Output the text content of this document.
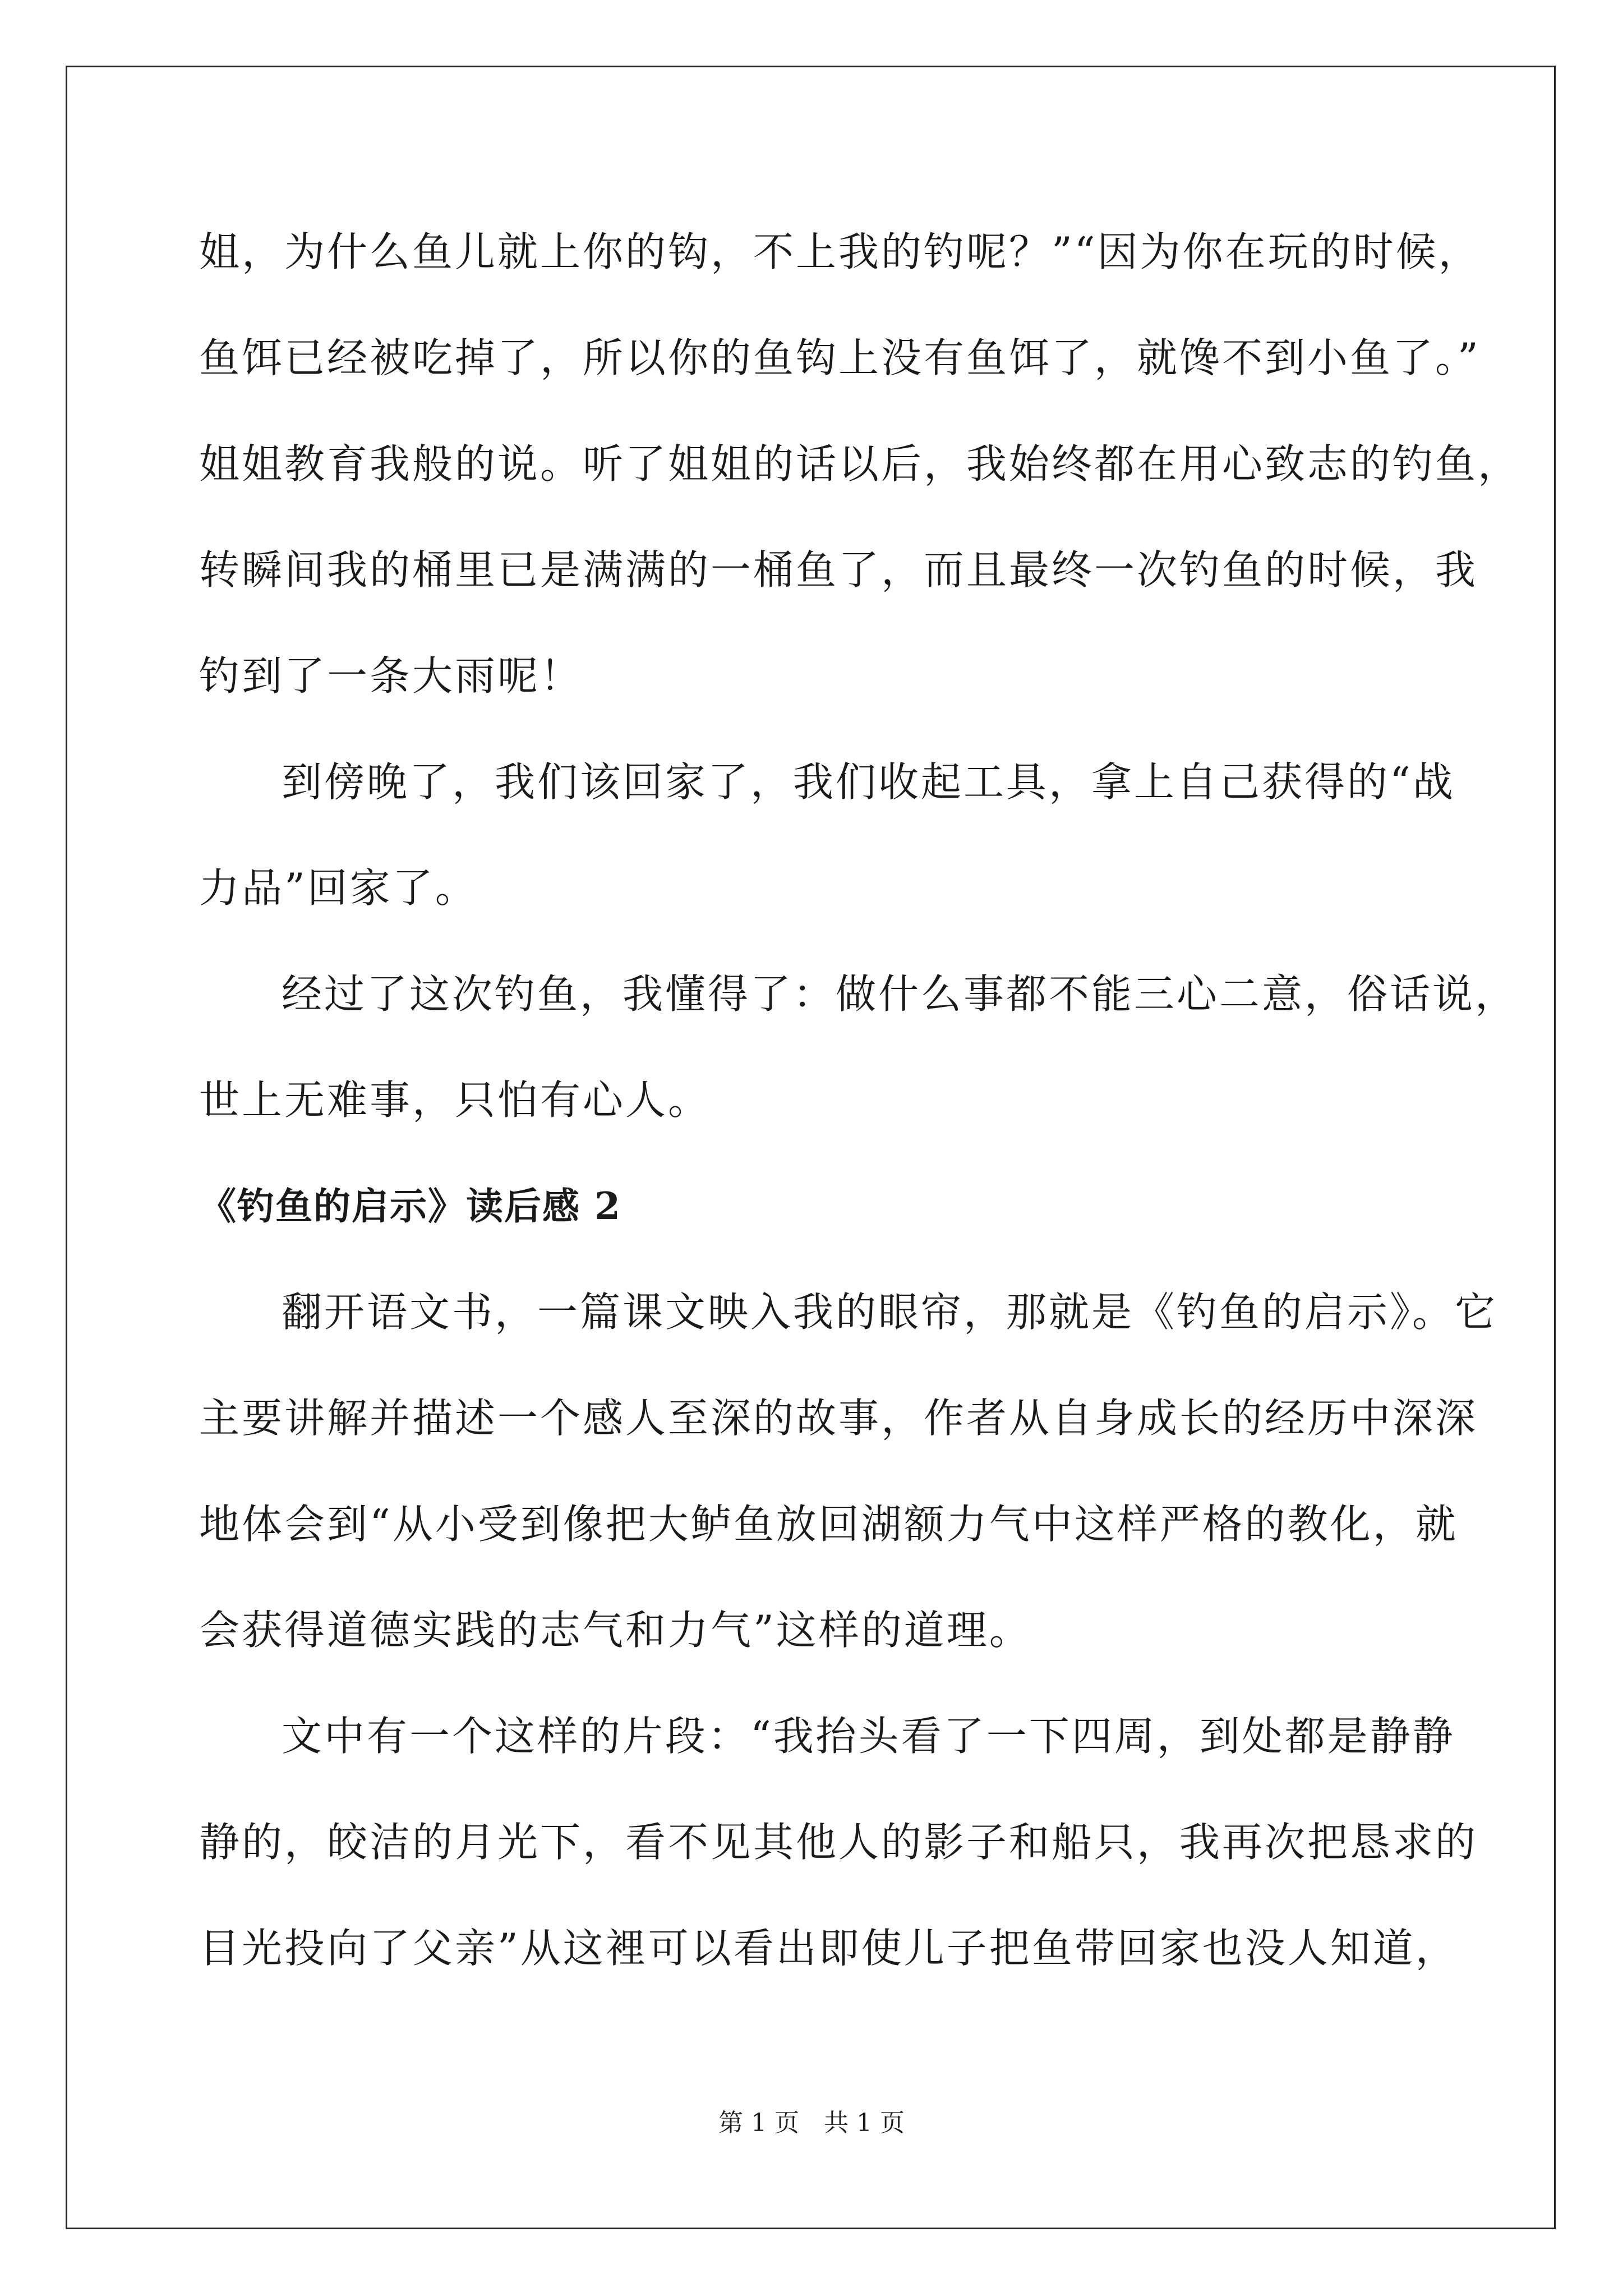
姐，为什么鱼儿就上你的钩，不上我的钓呢？”“因为你在玩的时候，
鱼饵已经被吃掉了，所以你的鱼钩上没有鱼饵了，就馋不到小鱼了。”
姐姐教育我般的说。听了姐姐的话以后，我始终都在用心致志的钓鱼，
转瞬间我的桶里已是满满的一桶鱼了，而且最终一次钓鱼的时候，我
钓到了一条大雨呢！

到傍晚了，我们该回家了，我们收起工具，拿上自己获得的“战
力品”回家了。

经过了这次钓鱼，我懂得了：做什么事都不能三心二意，俗话说，
世上无难事，只怕有心人。

《钓鱼的启示》读后感 2

翻开语文书，一篇课文映入我的眼帘，那就是《钓鱼的启示》。它
主要讲解并描述一个感人至深的故事，作者从自身成长的经历中深深
地体会到“从小受到像把大鲈鱼放回湖额力气中这样严格的教化，就
会获得道德实践的志气和力气”这样的道理。

文中有一个这样的片段：“我抬头看了一下四周，到处都是静静
静的，皎洁的月光下，看不见其他人的影子和船只，我再次把恳求的
目光投向了父亲”从这裡可以看出即使儿子把鱼带回家也没人知道，

第 1 页　共 1 页
